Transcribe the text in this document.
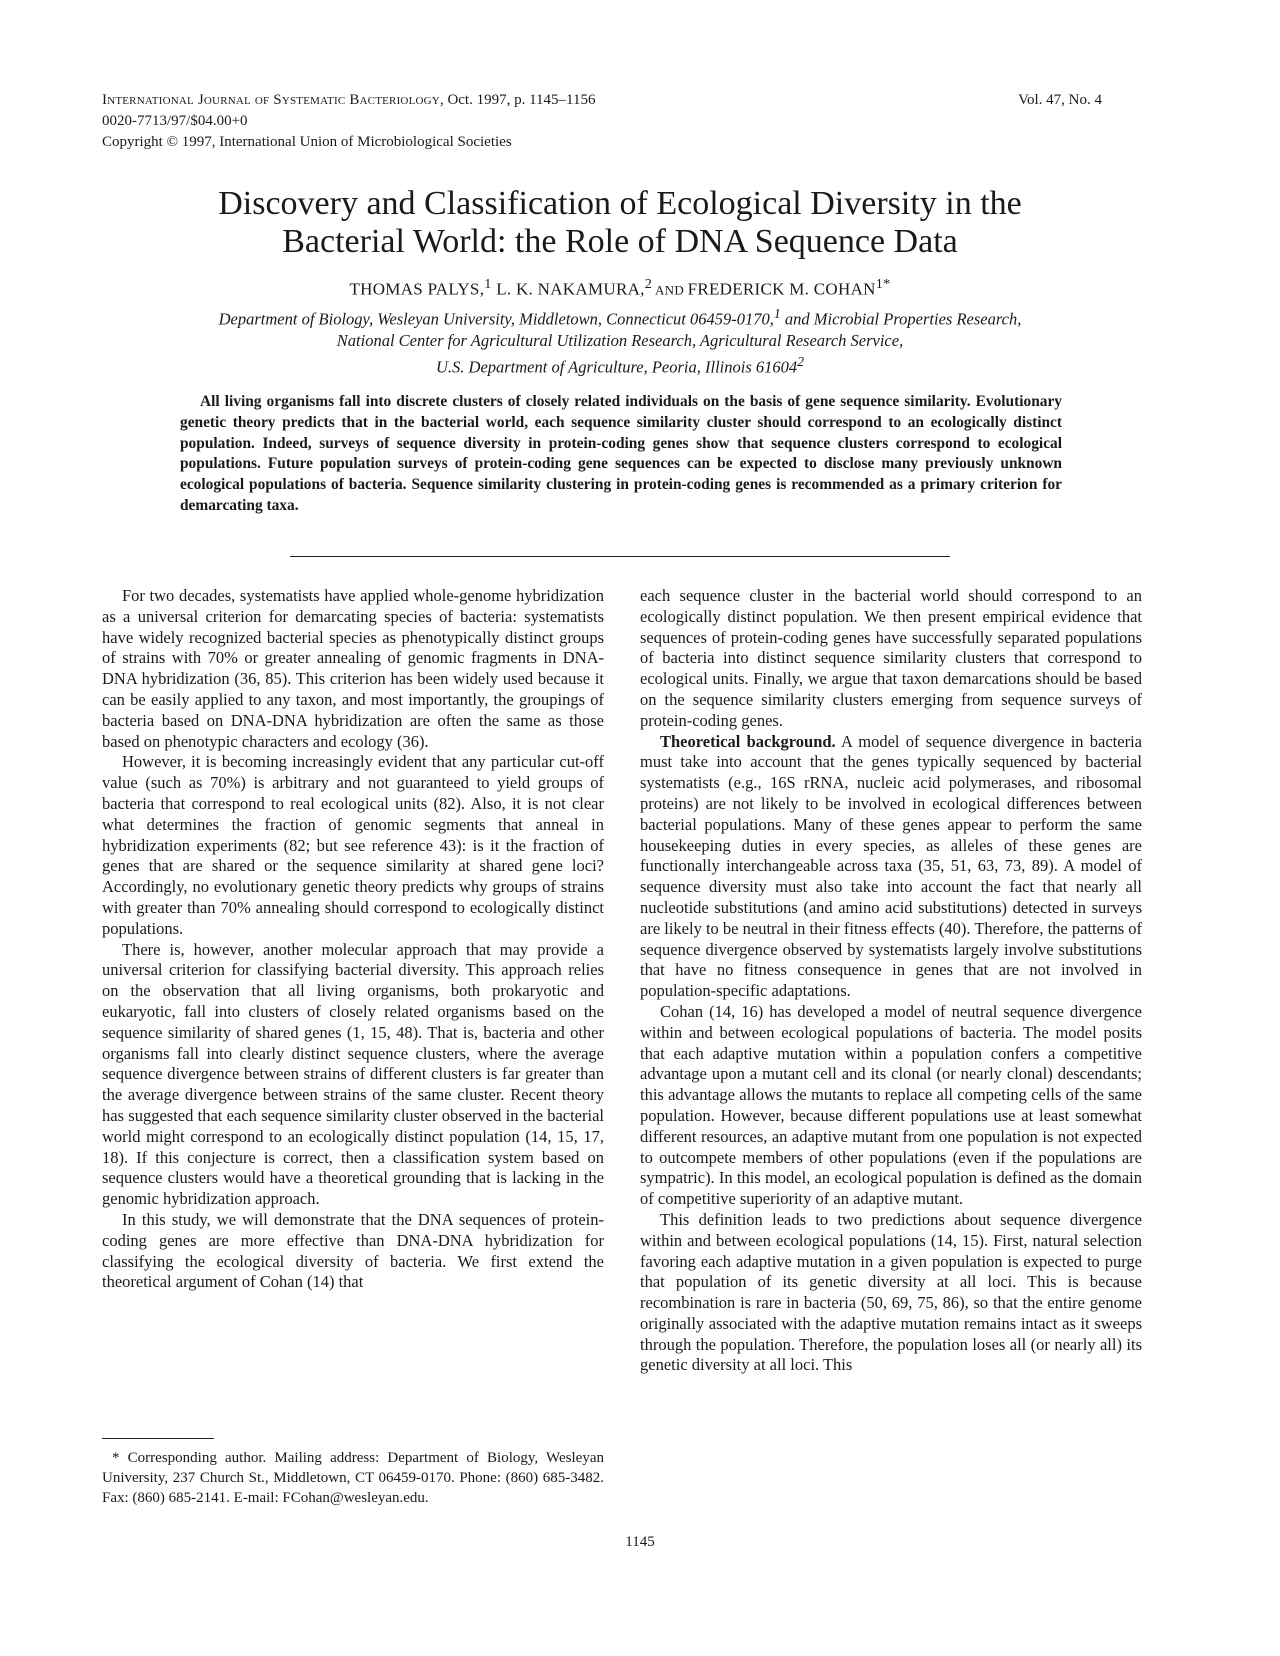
International Journal of Systematic Bacteriology, Oct. 1997, p. 1145–1156
0020-7713/97/$04.00+0
Copyright © 1997, International Union of Microbiological Societies
Vol. 47, No. 4
Discovery and Classification of Ecological Diversity in the
Bacterial World: the Role of DNA Sequence Data
THOMAS PALYS,$^1$ L. K. NAKAMURA,$^2$ AND FREDERICK M. $COHAN^{1*}$
Department of Biology, Wesleyan University, Middletown, Connecticut 06459-0170,$^1$ and Microbial Properties Research,
National Center for Agricultural Utilization Research, Agricultural Research Service,
U.S. Department of Agriculture, Peoria, Illinois 61604$^2$
All living organisms fall into discrete clusters of closely related individuals on the basis of gene sequence similarity. Evolutionary genetic theory predicts that in the bacterial world, each sequence similarity cluster should correspond to an ecologically distinct population. Indeed, surveys of sequence diversity in protein-coding genes show that sequence clusters correspond to ecological populations. Future population surveys of protein-coding gene sequences can be expected to disclose many previously unknown ecological populations of bacteria. Sequence similarity clustering in protein-coding genes is recommended as a primary criterion for demarcating taxa.

For two decades, systematists have applied whole-genome hybridization as a universal criterion for demarcating species of bacteria: systematists have widely recognized bacterial species as phenotypically distinct groups of strains with 70% or greater annealing of genomic fragments in DNA-DNA hybridization (36, 85). This criterion has been widely used because it can be easily applied to any taxon, and most importantly, the groupings of bacteria based on DNA-DNA hybridization are often the same as those based on phenotypic characters and ecology (36).

However, it is becoming increasingly evident that any particular cut-off value (such as 70%) is arbitrary and not guaranteed to yield groups of bacteria that correspond to real ecological units (82). Also, it is not clear what determines the fraction of genomic segments that anneal in hybridization experiments (82; but see reference 43): is it the fraction of genes that are shared or the sequence similarity at shared gene loci? Accordingly, no evolutionary genetic theory predicts why groups of strains with greater than 70% annealing should correspond to ecologically distinct populations.

There is, however, another molecular approach that may provide a universal criterion for classifying bacterial diversity. This approach relies on the observation that all living organisms, both prokaryotic and eukaryotic, fall into clusters of closely related organisms based on the sequence similarity of shared genes (1, 15, 48). That is, bacteria and other organisms fall into clearly distinct sequence clusters, where the average sequence divergence between strains of different clusters is far greater than the average divergence between strains of the same cluster. Recent theory has suggested that each sequence similarity cluster observed in the bacterial world might correspond to an ecologically distinct population (14, 15, 17, 18). If this conjecture is correct, then a classification system based on sequence clusters would have a theoretical grounding that is lacking in the genomic hybridization approach.

In this study, we will demonstrate that the DNA sequences of protein-coding genes are more effective than DNA-DNA hybridization for classifying the ecological diversity of bacteria. We first extend the theoretical argument of Cohan (14) that

* Corresponding author. Mailing address: Department of Biology, Wesleyan University, 237 Church St., Middletown, CT 06459-0170. Phone: (860) 685-3482. Fax: (860) 685-2141. E-mail: FCohan@wesleyan.edu.

each sequence cluster in the bacterial world should correspond to an ecologically distinct population. We then present empirical evidence that sequences of protein-coding genes have successfully separated populations of bacteria into distinct sequence similarity clusters that correspond to ecological units. Finally, we argue that taxon demarcations should be based on the sequence similarity clusters emerging from sequence surveys of protein-coding genes.

Theoretical background. A model of sequence divergence in bacteria must take into account that the genes typically sequenced by bacterial systematists (e.g., 16S rRNA, nucleic acid polymerases, and ribosomal proteins) are not likely to be involved in ecological differences between bacterial populations. Many of these genes appear to perform the same housekeeping duties in every species, as alleles of these genes are functionally interchangeable across taxa (35, 51, 63, 73, 89). A model of sequence diversity must also take into account the fact that nearly all nucleotide substitutions (and amino acid substitutions) detected in surveys are likely to be neutral in their fitness effects (40). Therefore, the patterns of sequence divergence observed by systematists largely involve substitutions that have no fitness consequence in genes that are not involved in population-specific adaptations.

Cohan (14, 16) has developed a model of neutral sequence divergence within and between ecological populations of bacteria. The model posits that each adaptive mutation within a population confers a competitive advantage upon a mutant cell and its clonal (or nearly clonal) descendants; this advantage allows the mutants to replace all competing cells of the same population. However, because different populations use at least somewhat different resources, an adaptive mutant from one population is not expected to outcompete members of other populations (even if the populations are sympatric). In this model, an ecological population is defined as the domain of competitive superiority of an adaptive mutant.

This definition leads to two predictions about sequence divergence within and between ecological populations (14, 15). First, natural selection favoring each adaptive mutation in a given population is expected to purge that population of its genetic diversity at all loci. This is because recombination is rare in bacteria (50, 69, 75, 86), so that the entire genome originally associated with the adaptive mutation remains intact as it sweeps through the population. Therefore, the population loses all (or nearly all) its genetic diversity at all loci. This

1145
